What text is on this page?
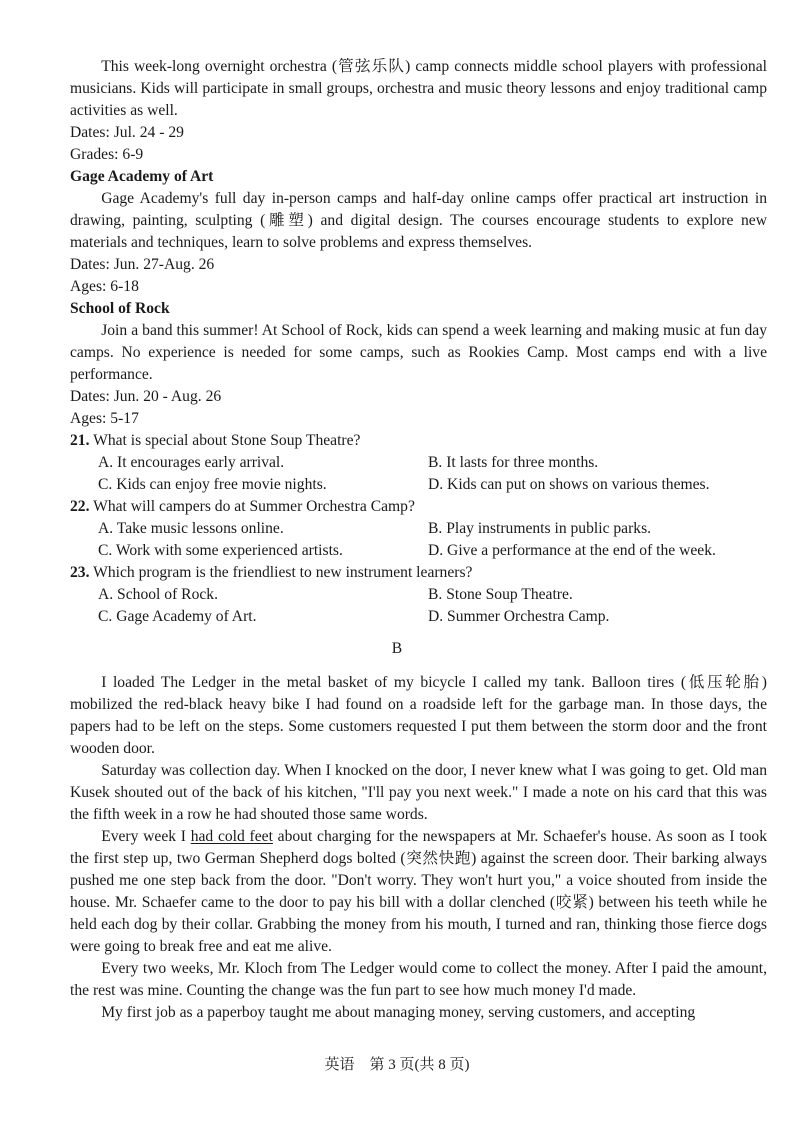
This week-long overnight orchestra (管弦乐队) camp connects middle school players with professional musicians. Kids will participate in small groups, orchestra and music theory lessons and enjoy traditional camp activities as well.

Dates: Jul. 24 - 29

Grades: 6-9

Gage Academy of Art

Gage Academy's full day in-person camps and half-day online camps offer practical art instruction in drawing, painting, sculpting (雕塑) and digital design. The courses encourage students to explore new materials and techniques, learn to solve problems and express themselves.

Dates: Jun. 27-Aug. 26

Ages: 6-18

School of Rock

Join a band this summer! At School of Rock, kids can spend a week learning and making music at fun day camps. No experience is needed for some camps, such as Rookies Camp. Most camps end with a live performance.

Dates: Jun. 20 - Aug. 26

Ages: 5-17

21. What is special about Stone Soup Theatre?

A. It encourages early arrival.	B. It lasts for three months.
C. Kids can enjoy free movie nights.	D. Kids can put on shows on various themes.

22. What will campers do at Summer Orchestra Camp?

A. Take music lessons online.	B. Play instruments in public parks.
C. Work with some experienced artists.	D. Give a performance at the end of the week.

23. Which program is the friendliest to new instrument learners?

A. School of Rock.	B. Stone Soup Theatre.
C. Gage Academy of Art.	D. Summer Orchestra Camp.
B

I loaded The Ledger in the metal basket of my bicycle I called my tank. Balloon tires (低压轮胎) mobilized the red-black heavy bike I had found on a roadside left for the garbage man. In those days, the papers had to be left on the steps. Some customers requested I put them between the storm door and the front wooden door.

Saturday was collection day. When I knocked on the door, I never knew what I was going to get. Old man Kusek shouted out of the back of his kitchen, "I'll pay you next week." I made a note on his card that this was the fifth week in a row he had shouted those same words.

Every week I had cold feet about charging for the newspapers at Mr. Schaefer's house. As soon as I took the first step up, two German Shepherd dogs bolted (突然快跑) against the screen door. Their barking always pushed me one step back from the door. "Don't worry. They won't hurt you," a voice shouted from inside the house. Mr. Schaefer came to the door to pay his bill with a dollar clenched (咬紧) between his teeth while he held each dog by their collar. Grabbing the money from his mouth, I turned and ran, thinking those fierce dogs were going to break free and eat me alive.

Every two weeks, Mr. Kloch from The Ledger would come to collect the money. After I paid the amount, the rest was mine. Counting the change was the fun part to see how much money I'd made.

My first job as a paperboy taught me about managing money, serving customers, and accepting

英语　第 3 页(共 8 页)
